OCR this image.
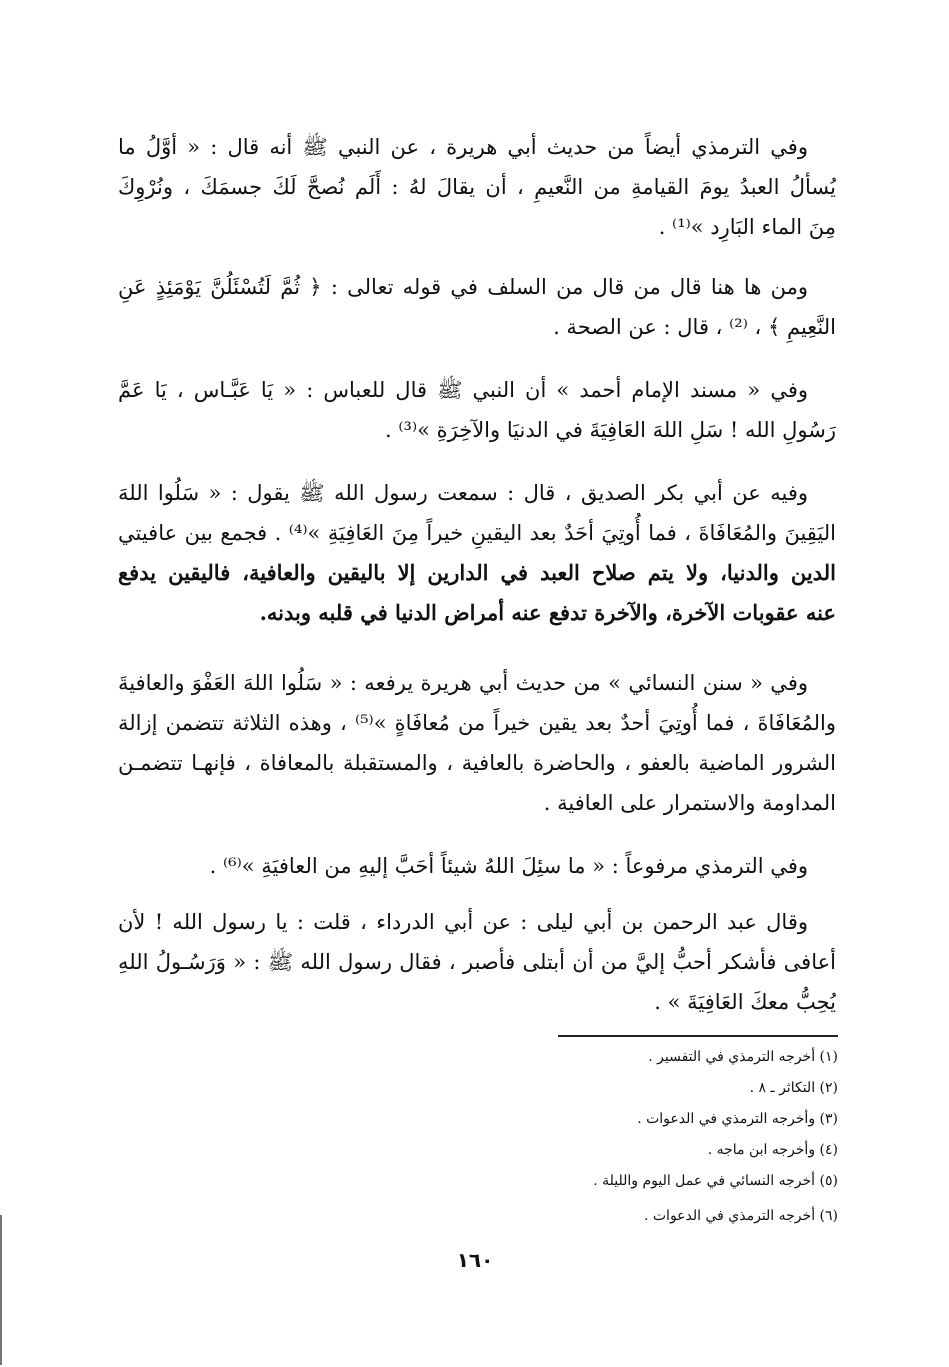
وفي الترمذي أيضاً من حديث أبي هريرة ، عن النبي ﷺ أنه قال : « أوَّلُ ما
يُسألُ العبدُ يومَ القيامةِ من النَّعيمِ ، أن يقالَ لهُ : أَلَم نُصحَّ لَكَ جسمَكَ ، ونُرْوِكَ
مِنَ الماء البَارِد »⁽¹⁾ .
ومن ها هنا قال من قال من السلف في قوله تعالى : ﴿ ثُمَّ لَتُسْئَلُنَّ يَوْمَئِذٍ عَنِ
النَّعِيمِ ﴾ ، ⁽²⁾ ، قال : عن الصحة .
وفي « مسند الإمام أحمد » أن النبي ﷺ قال للعباس : « يَا عَبَّـاس ، يَا عَمَّ
رَسُولِ الله ! سَلِ اللهَ العَافِيَةَ في الدنيَا والآخِرَةِ »⁽³⁾ .
وفيه عن أبي بكر الصديق ، قال : سمعت رسول الله ﷺ يقول : « سَلُوا اللهَ
اليَقِينَ والمُعَافَاةَ ، فما أُوتِيَ أحَدٌ بعد اليقينِ خيراً مِنَ العَافِيَةِ »⁽⁴⁾ . فجمع بين عافيتي
الدين والدنيا، ولا يتم صلاح العبد في الدارين إلا باليقين والعافية، فاليقين يدفع
عنه عقوبات الآخرة، والآخرة تدفع عنه أمراض الدنيا في قلبه وبدنه.
وفي « سنن النسائي » من حديث أبي هريرة يرفعه : « سَلُوا اللهَ العَفْوَ والعافيةَ
والمُعَافَاةَ ، فما أُوتِيَ أحدٌ بعد يقين خيراً من مُعافَاةٍ »⁽⁵⁾ ، وهذه الثلاثة تتضمن إزالة
الشرور الماضية بالعفو ، والحاضرة بالعافية ، والمستقبلة بالمعافاة ، فإنهـا تتضمـن
المداومة والاستمرار على العافية .
وفي الترمذي مرفوعاً : « ما سئِلَ اللهُ شيئاً أحَبَّ إليهِ من العافيَةِ »⁽⁶⁾ .
وقال عبد الرحمن بن أبي ليلى : عن أبي الدرداء ، قلت : يا رسول الله ! لأن
أعافى فأشكر أحبُّ إليَّ من أن أبتلى فأصبر ، فقال رسول الله ﷺ : « وَرَسُـولُ اللهِ
يُحِبُّ معكَ العَافِيَةَ » .
(١) أخرجه الترمذي في التفسير .
(٢) التكاثر ـ ٨ .
(٣) وأخرجه الترمذي في الدعوات .
(٤) وأخرجه ابن ماجه .
(٥) أخرجه النسائي في عمل اليوم والليلة .
(٦) أخرجه الترمذي في الدعوات .
١٦٠
